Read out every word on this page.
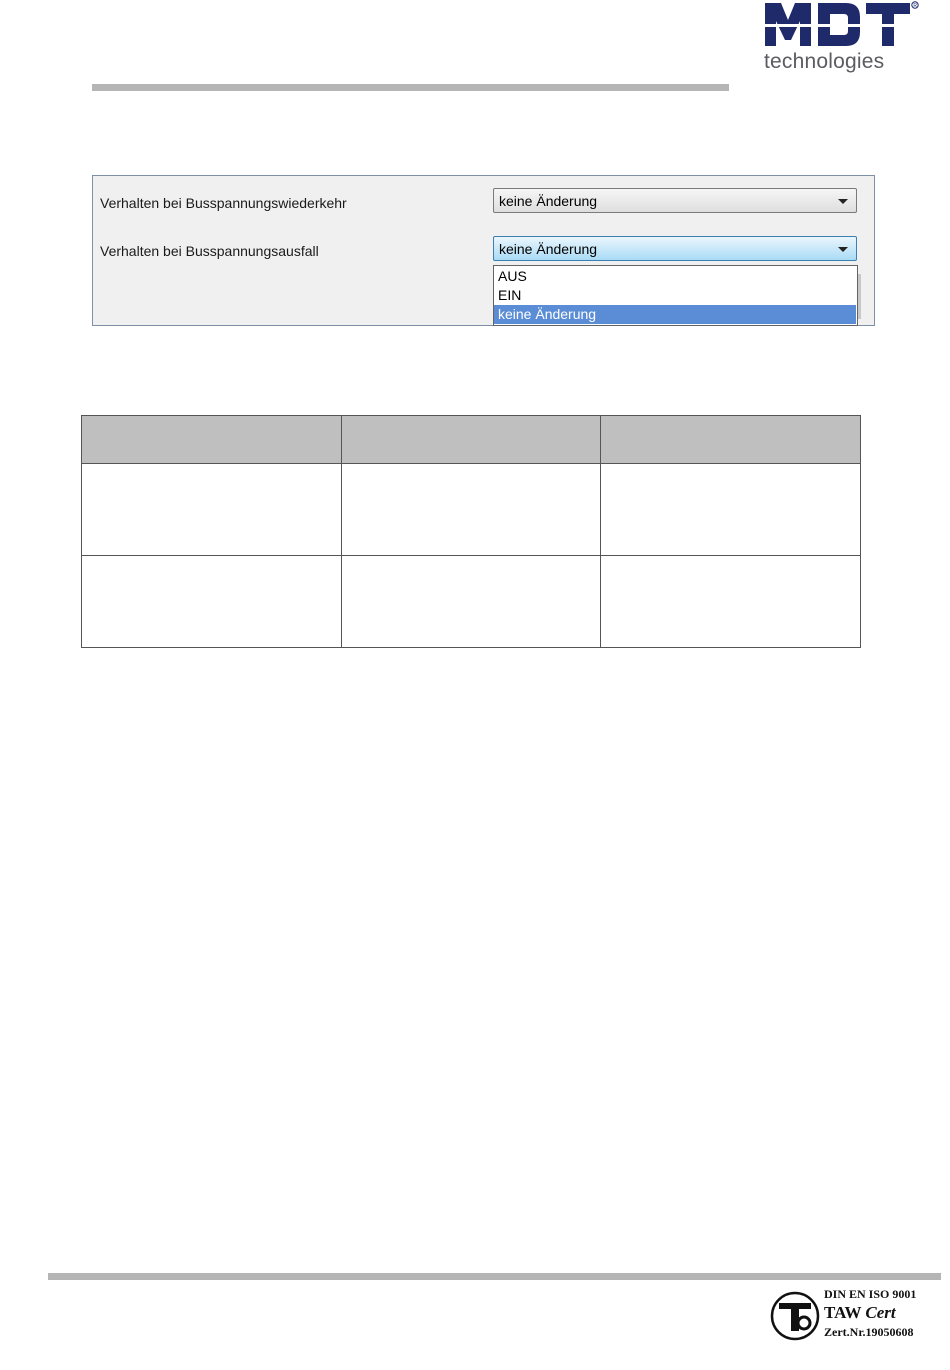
R
technologies
Verhalten bei Busspannungswiederkehr	keine Änderung
Verhalten bei Busspannungsausfall	keine Änderung
AUS
EIN
keine Änderung

DIN EN ISO 9001
TAW Cert
Zert.Nr.19050608
